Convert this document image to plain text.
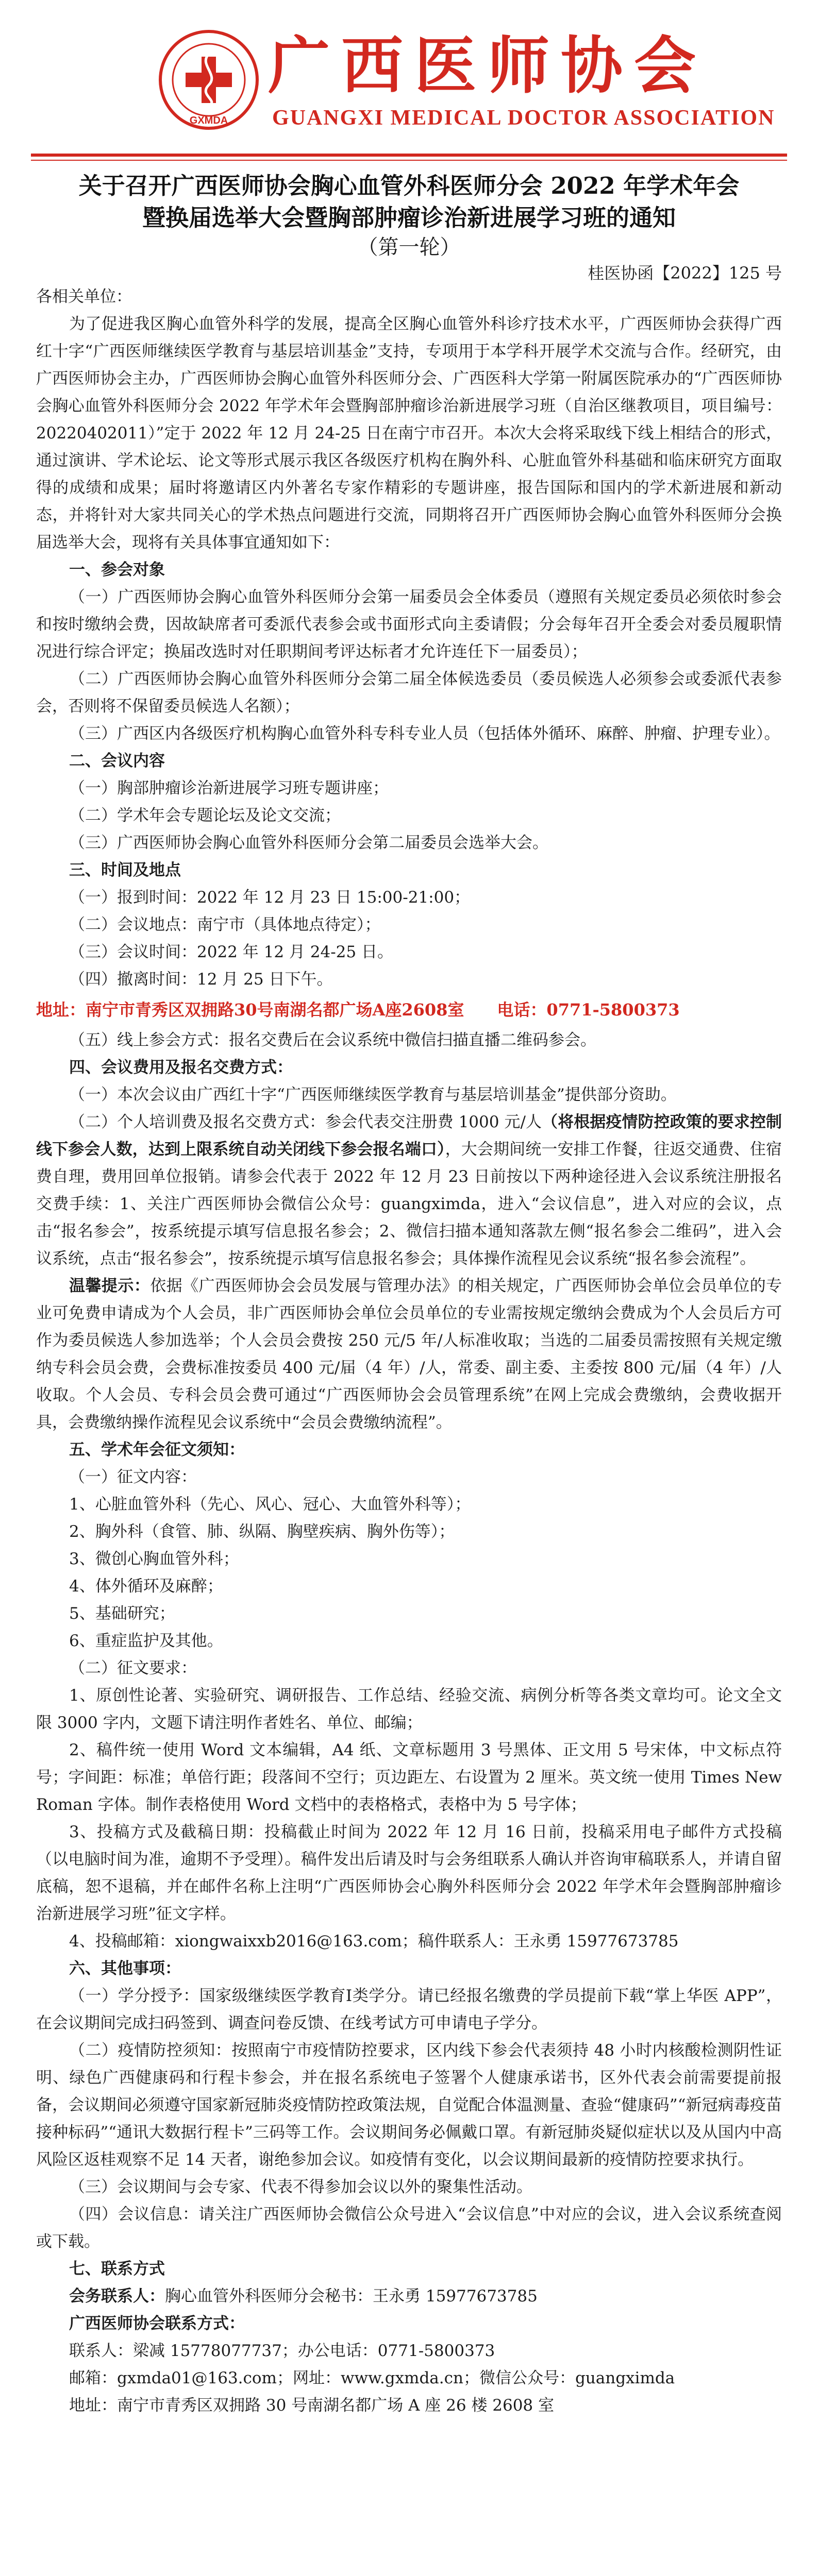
GXMDA
广西医师协会
GUANGXI MEDICAL DOCTOR ASSOCIATION
关于召开广西医师协会胸心血管外科医师分会 2022 年学术年会
暨换届选举大会暨胸部肿瘤诊治新进展学习班的通知
（第一轮）
桂医协函【2022】125 号

各相关单位：

为了促进我区胸心血管外科学的发展，提高全区胸心血管外科诊疗技术水平，广西医师协会获得广西红十字“广西医师继续医学教育与基层培训基金”支持，专项用于本学科开展学术交流与合作。经研究，由广西医师协会主办，广西医师协会胸心血管外科医师分会、广西医科大学第一附属医院承办的“广西医师协会胸心血管外科医师分会 2022 年学术年会暨胸部肿瘤诊治新进展学习班（自治区继教项目，项目编号：20220402011）”定于 2022 年 12 月 24-25 日在南宁市召开。本次大会将采取线下线上相结合的形式，通过演讲、学术论坛、论文等形式展示我区各级医疗机构在胸外科、心脏血管外科基础和临床研究方面取得的成绩和成果；届时将邀请区内外著名专家作精彩的专题讲座，报告国际和国内的学术新进展和新动态，并将针对大家共同关心的学术热点问题进行交流，同期将召开广西医师协会胸心血管外科医师分会换届选举大会，现将有关具体事宜通知如下：

一、参会对象

（一）广西医师协会胸心血管外科医师分会第一届委员会全体委员（遵照有关规定委员必须依时参会和按时缴纳会费，因故缺席者可委派代表参会或书面形式向主委请假；分会每年召开全委会对委员履职情况进行综合评定；换届改选时对任职期间考评达标者才允许连任下一届委员）；

（二）广西医师协会胸心血管外科医师分会第二届全体候选委员（委员候选人必须参会或委派代表参会，否则将不保留委员候选人名额）；

（三）广西区内各级医疗机构胸心血管外科专科专业人员（包括体外循环、麻醉、肿瘤、护理专业）。

二、会议内容

（一）胸部肿瘤诊治新进展学习班专题讲座；

（二）学术年会专题论坛及论文交流；

（三）广西医师协会胸心血管外科医师分会第二届委员会选举大会。

三、时间及地点

（一）报到时间：2022 年 12 月 23 日 15:00-21:00；

（二）会议地点：南宁市（具体地点待定）；

（三）会议时间：2022 年 12 月 24-25 日。

（四）撤离时间：12 月 25 日下午。

地址：南宁市青秀区双拥路30号南湖名都广场A座2608室　　电话：0771-5800373

（五）线上参会方式：报名交费后在会议系统中微信扫描直播二维码参会。

四、会议费用及报名交费方式：

（一）本次会议由广西红十字“广西医师继续医学教育与基层培训基金”提供部分资助。

（二）个人培训费及报名交费方式：参会代表交注册费 1000 元/人（将根据疫情防控政策的要求控制线下参会人数，达到上限系统自动关闭线下参会报名端口），大会期间统一安排工作餐，往返交通费、住宿费自理，费用回单位报销。请参会代表于 2022 年 12 月 23 日前按以下两种途径进入会议系统注册报名交费手续：1、关注广西医师协会微信公众号：guangximda，进入“会议信息”，进入对应的会议，点击“报名参会”，按系统提示填写信息报名参会；2、微信扫描本通知落款左侧“报名参会二维码”，进入会议系统，点击“报名参会”，按系统提示填写信息报名参会；具体操作流程见会议系统“报名参会流程”。

温馨提示：依据《广西医师协会会员发展与管理办法》的相关规定，广西医师协会单位会员单位的专业可免费申请成为个人会员，非广西医师协会单位会员单位的专业需按规定缴纳会费成为个人会员后方可作为委员候选人参加选举；个人会员会费按 250 元/5 年/人标准收取；当选的二届委员需按照有关规定缴纳专科会员会费，会费标准按委员 400 元/届（4 年）/人，常委、副主委、主委按 800 元/届（4 年）/人收取。个人会员、专科会员会费可通过“广西医师协会会员管理系统”在网上完成会费缴纳，会费收据开具，会费缴纳操作流程见会议系统中“会员会费缴纳流程”。

五、学术年会征文须知：

（一）征文内容：

1、心脏血管外科（先心、风心、冠心、大血管外科等）；

2、胸外科（食管、肺、纵隔、胸壁疾病、胸外伤等）；

3、微创心胸血管外科；

4、体外循环及麻醉；

5、基础研究；

6、重症监护及其他。

（二）征文要求：

1、原创性论著、实验研究、调研报告、工作总结、经验交流、病例分析等各类文章均可。论文全文限 3000 字内，文题下请注明作者姓名、单位、邮编；

2、稿件统一使用 Word 文本编辑，A4 纸、文章标题用 3 号黑体、正文用 5 号宋体，中文标点符号；字间距：标准；单倍行距；段落间不空行；页边距左、右设置为 2 厘米。英文统一使用 Times New Roman 字体。制作表格使用 Word 文档中的表格格式，表格中为 5 号字体；

3、投稿方式及截稿日期：投稿截止时间为 2022 年 12 月 16 日前，投稿采用电子邮件方式投稿（以电脑时间为准，逾期不予受理）。稿件发出后请及时与会务组联系人确认并咨询审稿联系人，并请自留底稿，恕不退稿，并在邮件名称上注明“广西医师协会心胸外科医师分会 2022 年学术年会暨胸部肿瘤诊治新进展学习班”征文字样。

4、投稿邮箱：xiongwaixxb2016@163.com；稿件联系人：王永勇 15977673785

六、其他事项：

（一）学分授予：国家级继续医学教育Ⅰ类学分。请已经报名缴费的学员提前下载“掌上华医 APP”，在会议期间完成扫码签到、调查问卷反馈、在线考试方可申请电子学分。

（二）疫情防控须知：按照南宁市疫情防控要求，区内线下参会代表须持 48 小时内核酸检测阴性证明、绿色广西健康码和行程卡参会，并在报名系统电子签署个人健康承诺书，区外代表会前需要提前报备，会议期间必须遵守国家新冠肺炎疫情防控政策法规，自觉配合体温测量、查验“健康码”“新冠病毒疫苗接种标码”“通讯大数据行程卡”三码等工作。会议期间务必佩戴口罩。有新冠肺炎疑似症状以及从国内中高风险区返桂观察不足 14 天者，谢绝参加会议。如疫情有变化，以会议期间最新的疫情防控要求执行。

（三）会议期间与会专家、代表不得参加会议以外的聚集性活动。

（四）会议信息：请关注广西医师协会微信公众号进入“会议信息”中对应的会议，进入会议系统查阅或下载。

七、联系方式

会务联系人：胸心血管外科医师分会秘书：王永勇 15977673785

广西医师协会联系方式：

联系人：梁减 15778077737；办公电话：0771-5800373

邮箱：gxmda01@163.com；网址：www.gxmda.cn；微信公众号：guangximda

地址：南宁市青秀区双拥路 30 号南湖名都广场 A 座 26 楼 2608 室
